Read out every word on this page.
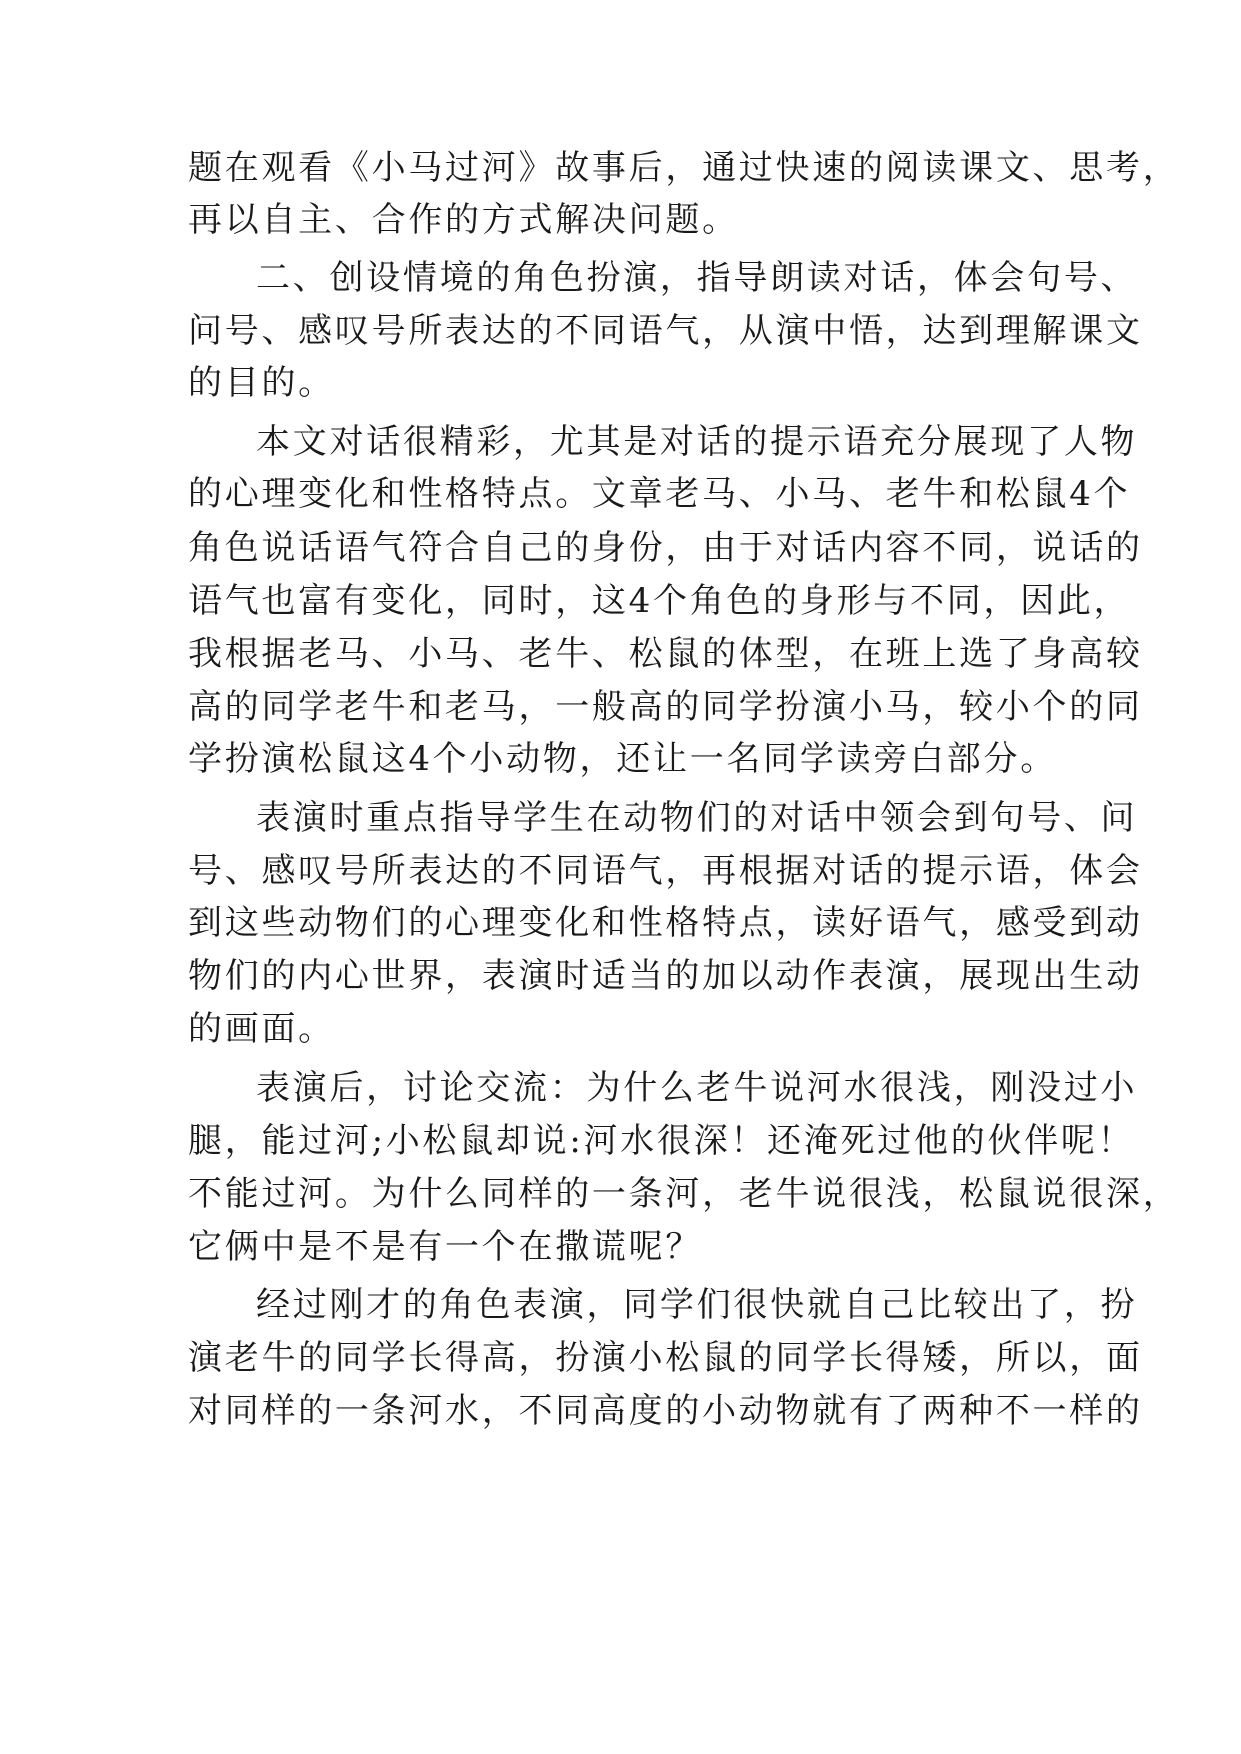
题在观看《小马过河》故事后，通过快速的阅读课文、思考，
再以自主、合作的方式解决问题。
二、创设情境的角色扮演，指导朗读对话，体会句号、
问号、感叹号所表达的不同语气，从演中悟，达到理解课文
的目的。
本文对话很精彩，尤其是对话的提示语充分展现了人物
的心理变化和性格特点。文章老马、小马、老牛和松鼠4个
角色说话语气符合自己的身份，由于对话内容不同，说话的
语气也富有变化，同时，这4个角色的身形与不同，因此，
我根据老马、小马、老牛、松鼠的体型，在班上选了身高较
高的同学老牛和老马，一般高的同学扮演小马，较小个的同
学扮演松鼠这4个小动物，还让一名同学读旁白部分。
表演时重点指导学生在动物们的对话中领会到句号、问
号、感叹号所表达的不同语气，再根据对话的提示语，体会
到这些动物们的心理变化和性格特点，读好语气，感受到动
物们的内心世界，表演时适当的加以动作表演，展现出生动
的画面。
表演后，讨论交流：为什么老牛说河水很浅，刚没过小
腿，能过河;小松鼠却说:河水很深！还淹死过他的伙伴呢！
不能过河。为什么同样的一条河，老牛说很浅，松鼠说很深，
它俩中是不是有一个在撒谎呢？
经过刚才的角色表演，同学们很快就自己比较出了，扮
演老牛的同学长得高，扮演小松鼠的同学长得矮，所以，面
对同样的一条河水，不同高度的小动物就有了两种不一样的
